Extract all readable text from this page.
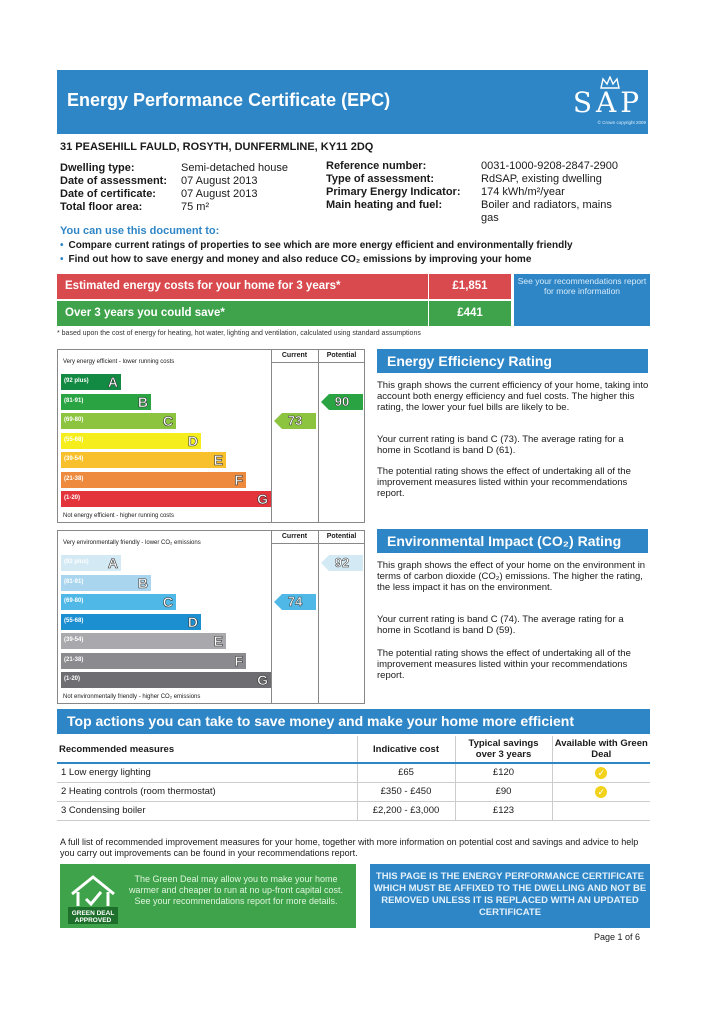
Energy Performance Certificate (EPC)	SAP
© Crown copyright 2009
31 PEASEHILL FAULD, ROSYTH, DUNFERMLINE, KY11 2DQ
Dwelling type:	Semi-detached house
Date of assessment: 07 August 2013
Date of certificate: 07 August 2013
Total floor area:	75 m²
Reference number:	0031-1000-9208-2847-2900
Type of assessment:	RdSAP, existing dwelling
Primary Energy Indicator: 174 kWh/m²/year
Main heating and fuel:	Boiler and radiators, mains gas
You can use this document to:
• Compare current ratings of properties to see which are more energy efficient and environmentally friendly
• Find out how to save energy and money and also reduce CO₂ emissions by improving your home
Estimated energy costs for your home for 3 years*	£1,851
Over 3 years you could save*	£441
See your recommendations report for more information
* based upon the cost of energy for heating, hot water, lighting and ventilation, calculated using standard assumptions
Current	Potential
Very energy efficient - lower running costs
Not energy efficient - higher running costs
(92 plus) A
(81-91)	B
(69-80)	C
(55-68)	D
(39-54)	E
(21-38)	F
(1-20)	G
73
90
Energy Efficiency Rating
This graph shows the current efficiency of your home, taking into account both energy efficiency and fuel costs. The higher this rating, the lower your fuel bills are likely to be.
Your current rating is band C (73). The average rating for a home in Scotland is band D (61).
The potential rating shows the effect of undertaking all of the improvement measures listed within your recommendations report.
Current	Potential
Very environmentally friendly - lower CO₂ emissions
Not environmentally friendly - higher CO₂ emissions
(92 plus) A
(81-91)	B
(69-80)	C
(55-68)	D
(39-54)	E
(21-38)	F
(1-20)	G
74
92
Environmental Impact (CO₂) Rating
This graph shows the effect of your home on the environment in terms of carbon dioxide (CO₂) emissions. The higher the rating, the less impact it has on the environment.
Your current rating is band C (74). The average rating for a home in Scotland is band D (59).
The potential rating shows the effect of undertaking all of the improvement measures listed within your recommendations report.
Top actions you can take to save money and make your home more efficient
Recommended measures	Indicative cost	Typical savings over 3 years	Available with Green Deal
1 Low energy lighting	£65	£120	✓
2 Heating controls (room thermostat)	£350 - £450	£90	✓
3 Condensing boiler	£2,200 - £3,000	£123	
A full list of recommended improvement measures for your home, together with more information on potential cost and savings and advice to help you carry out improvements can be found in your recommendations report.
GREEN DEAL
APPROVED
The Green Deal may allow you to make your home warmer and cheaper to run at no up-front capital cost. See your recommendations report for more details.
THIS PAGE IS THE ENERGY PERFORMANCE CERTIFICATE WHICH MUST BE AFFIXED TO THE DWELLING AND NOT BE REMOVED UNLESS IT IS REPLACED WITH AN UPDATED CERTIFICATE
Page 1 of 6
